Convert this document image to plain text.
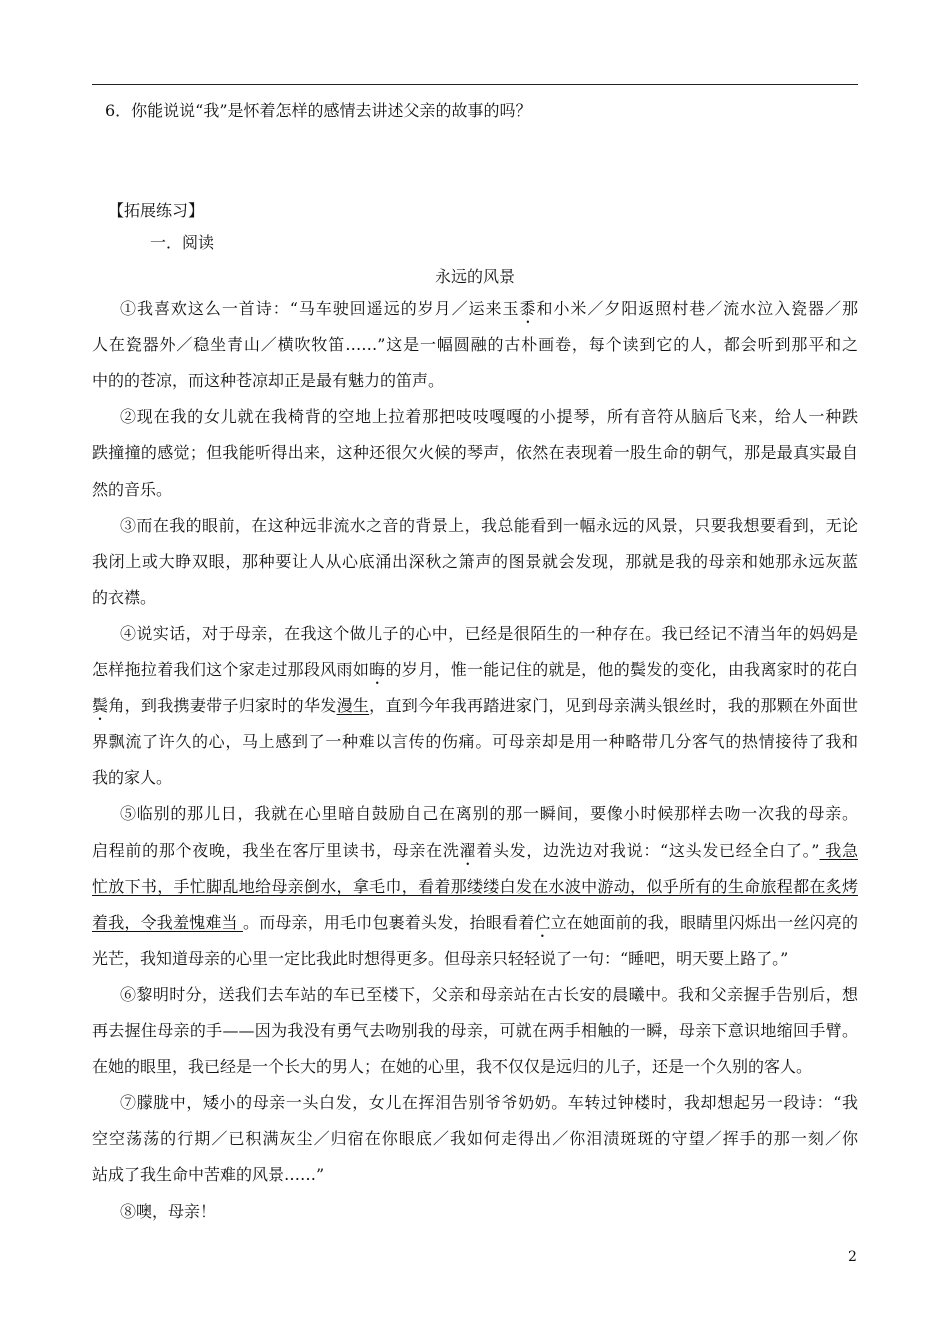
6．你能说说“我”是怀着怎样的感情去讲述父亲的故事的吗？
【拓展练习】
一．阅读
永远的风景
①我喜欢这么一首诗：“马车驶回遥远的岁月／运来玉黍和小米／夕阳返照村巷／流水泣入瓷器／那
人在瓷器外／稳坐青山／横吹牧笛……”这是一幅圆融的古朴画卷，每个读到它的人，都会听到那平和之
中的的苍凉，而这种苍凉却正是最有魅力的笛声。
②现在我的女儿就在我椅背的空地上拉着那把吱吱嘎嘎的小提琴，所有音符从脑后飞来，给人一种跌
跌撞撞的感觉；但我能听得出来，这种还很欠火候的琴声，依然在表现着一股生命的朝气，那是最真实最自
然的音乐。
③而在我的眼前，在这种远非流水之音的背景上，我总能看到一幅永远的风景，只要我想要看到，无论
我闭上或大睁双眼，那种要让人从心底涌出深秋之箫声的图景就会发现，那就是我的母亲和她那永远灰蓝
的衣襟。
④说实话，对于母亲，在我这个做儿子的心中，已经是很陌生的一种存在。我已经记不清当年的妈妈是
怎样拖拉着我们这个家走过那段风雨如晦的岁月，惟一能记住的就是，他的鬓发的变化，由我离家时的花白
鬓角，到我携妻带子归家时的华发漫生，直到今年我再踏进家门，见到母亲满头银丝时，我的那颗在外面世
界飘流了许久的心，马上感到了一种难以言传的伤痛。可母亲却是用一种略带几分客气的热情接待了我和
我的家人。
⑤临别的那儿日，我就在心里暗自鼓励自己在离别的那一瞬间，要像小时候那样去吻一次我的母亲。
启程前的那个夜晚，我坐在客厅里读书，母亲在洗濯着头发，边洗边对我说：“这头发已经全白了。” 我急
忙放下书，手忙脚乱地给母亲倒水，拿毛巾，看着那缕缕白发在水波中游动，似乎所有的生命旅程都在炙烤
着我，令我羞愧难当 。而母亲，用毛巾包裹着头发，抬眼看着伫立在她面前的我，眼睛里闪烁出一丝闪亮的
光芒，我知道母亲的心里一定比我此时想得更多。但母亲只轻轻说了一句：“睡吧，明天要上路了。”
⑥黎明时分，送我们去车站的车已至楼下，父亲和母亲站在古长安的晨曦中。我和父亲握手告别后，想
再去握住母亲的手——因为我没有勇气去吻别我的母亲，可就在两手相触的一瞬，母亲下意识地缩回手臂。
在她的眼里，我已经是一个长大的男人；在她的心里，我不仅仅是远归的儿子，还是一个久别的客人。
⑦朦胧中，矮小的母亲一头白发，女儿在挥泪告别爷爷奶奶。车转过钟楼时，我却想起另一段诗：“我
空空荡荡的行期／已积满灰尘／归宿在你眼底／我如何走得出／你泪渍斑斑的守望／挥手的那一刻／你
站成了我生命中苦难的风景……”
⑧噢，母亲！
2
